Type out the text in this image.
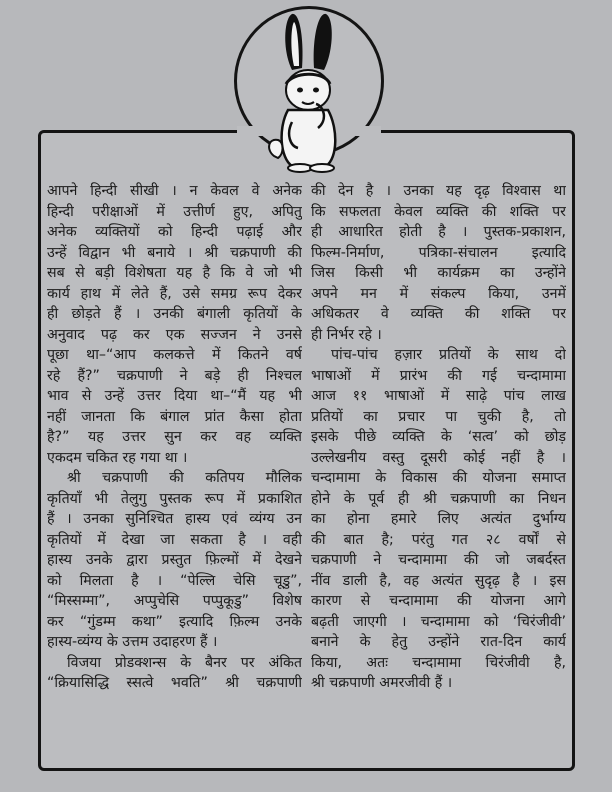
आपने हिन्दी सीखी । न केवल वे अनेक
हिन्दी परीक्षाओं में उत्तीर्ण हुए, अपितु
अनेक व्यक्तियों को हिन्दी पढ़ाई और
उन्हें विद्वान भी बनाये । श्री चक्रपाणी की
सब से बड़ी विशेषता यह है कि वे जो भी
कार्य हाथ में लेते हैं, उसे समग्र रूप देकर
ही छोड़ते हैं । उनकी बंगाली कृतियों के
अनुवाद पढ़ कर एक सज्जन ने उनसे
पूछा था–“आप कलकत्ते में कितने वर्ष
रहे हैं?” चक्रपाणी ने बड़े ही निश्चल
भाव से उन्हें उत्तर दिया था–“मैं यह भी
नहीं जानता कि बंगाल प्रांत कैसा होता
है?” यह उत्तर सुन कर वह व्यक्ति
एकदम चकित रह गया था ।
श्री चक्रपाणी की कतिपय मौलिक
कृतियाँ भी तेलुगु पुस्तक रूप में प्रकाशित
हैं । उनका सुनिश्चित हास्य एवं व्यंग्य उन
कृतियों में देखा जा सकता है । वही
हास्य उनके द्वारा प्रस्तुत फ़िल्मों में देखने
को मिलता है । “पेल्लि चेसि चूडु”,
“मिस्सम्मा”, अप्पुचेसि पप्पुकूडु” विशेष
कर “गुंडम्म कथा” इत्यादि फ़िल्म उनके
हास्य-व्यंग्य के उत्तम उदाहरण हैं ।
विजया प्रोडक्शन्स के बैनर पर अंकित
“क्रियासिद्धि स्सत्वे भवति” श्री चक्रपाणी
की देन है । उनका यह दृढ़ विश्वास था
कि सफलता केवल व्यक्ति की शक्ति पर
ही आधारित होती है । पुस्तक-प्रकाशन,
फिल्म-निर्माण, पत्रिका-संचालन इत्यादि
जिस किसी भी कार्यक्रम का उन्होंने
अपने मन में संकल्प किया, उनमें
अधिकतर वे व्यक्ति की शक्ति पर
ही निर्भर रहे ।
पांच-पांच हज़ार प्रतियों के साथ दो
भाषाओं में प्रारंभ की गई चन्दामामा
आज ११ भाषाओं में साढ़े पांच लाख
प्रतियों का प्रचार पा चुकी है, तो
इसके पीछे व्यक्ति के ‘सत्व’ को छोड़
उल्लेखनीय वस्तु दूसरी कोई नहीं है ।
चन्दामामा के विकास की योजना समाप्त
होने के पूर्व ही श्री चक्रपाणी का निधन
का होना हमारे लिए अत्यंत दुर्भाग्य
की बात है; परंतु गत २८ वर्षों से
चक्रपाणी ने चन्दामामा की जो जबर्दस्त
नींव डाली है, वह अत्यंत सुदृढ़ है । इस
कारण से चन्दामामा की योजना आगे
बढ़ती जाएगी । चन्दामामा को ‘चिरंजीवी’
बनाने के हेतु उन्होंने रात-दिन कार्य
किया, अतः चन्दामामा चिरंजीवी है,
श्री चक्रपाणी अमरजीवी हैं ।
